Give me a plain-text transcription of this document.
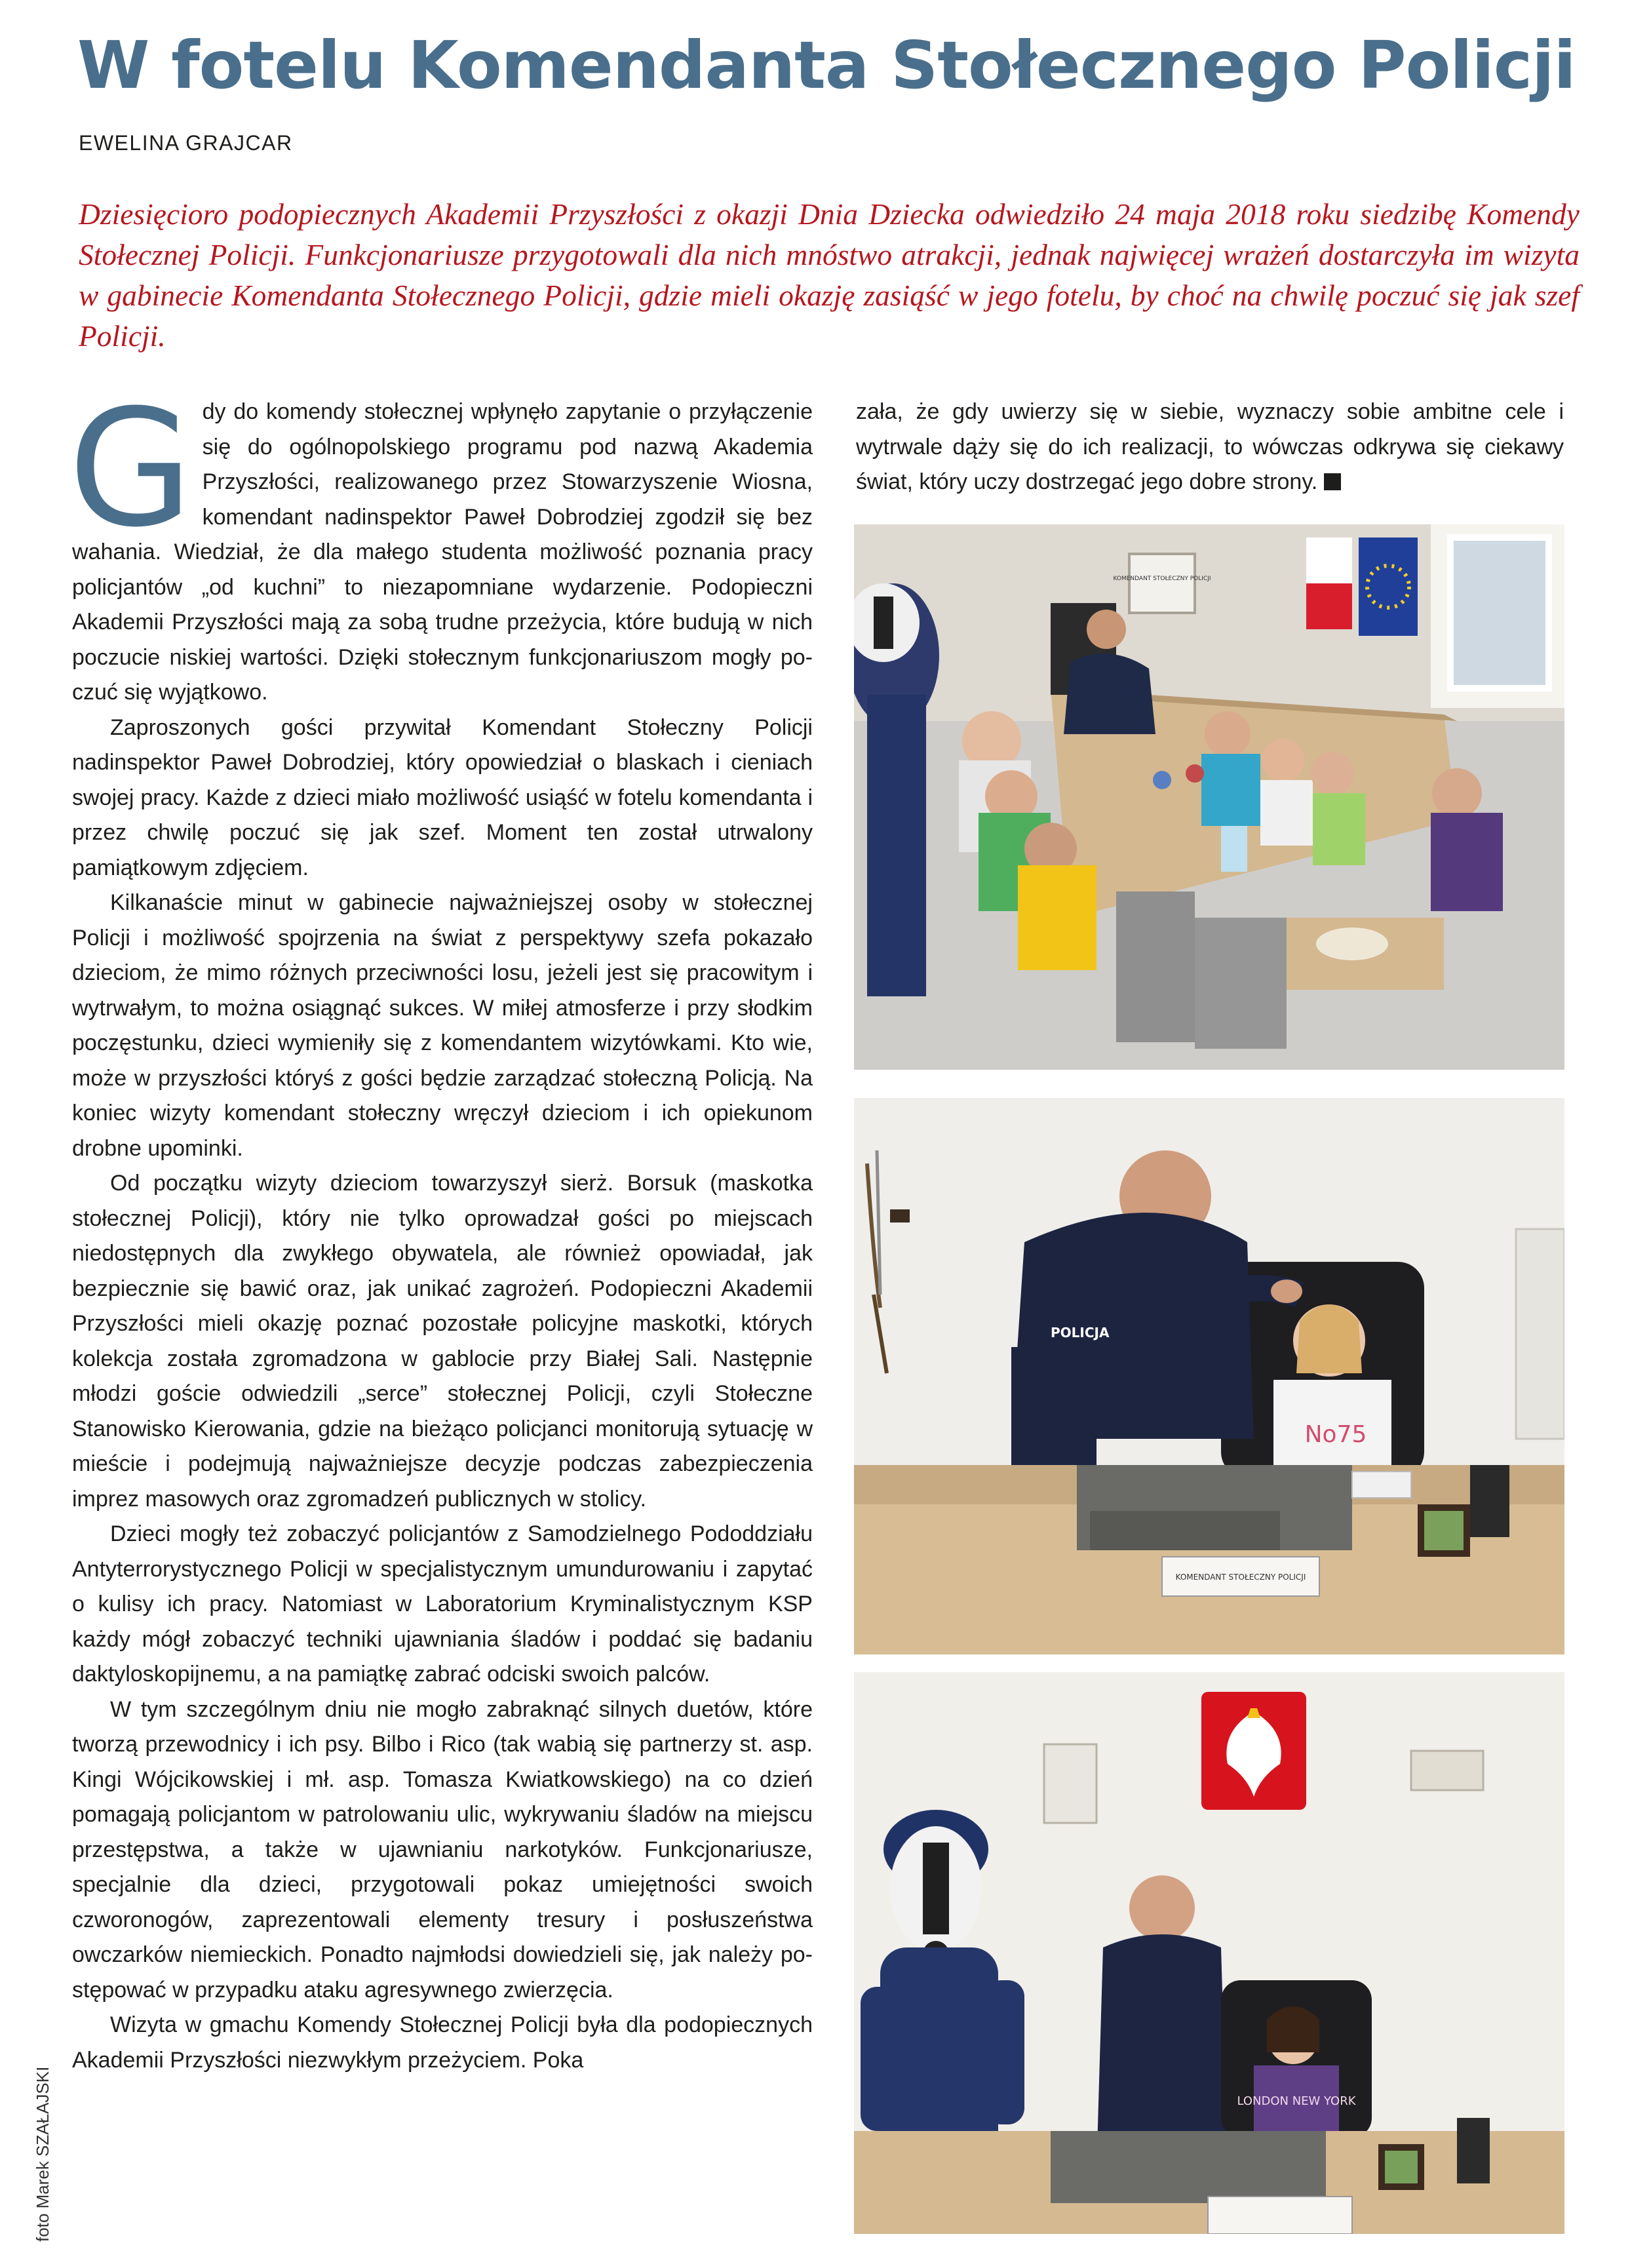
W fotelu Komendanta Stołecznego Policji
EWELINA GRAJCAR
Dziesięcioro podopiecznych Akademii Przyszłości z okazji Dnia Dziecka odwiedziło 24 maja 2018 roku siedzibę Komendy Stołecznej Policji. Funkcjonariusze przygotowali dla nich mnóstwo atrakcji, jednak najwięcej wrażeń dostarczyła im wizyta w gabinecie Komendanta Stołecznego Policji, gdzie mieli okazję zasiąść w jego fotelu, by choć na chwilę poczuć się jak szef Policji.

Gdy do komendy stołecznej wpłynęło zapytanie o przyłączenie się do ogólnopolskiego programu pod nazwą Akademia Przyszłości, realizowanego przez Stowarzyszenie Wiosna, komendant nadinspektor Paweł Dobrodziej zgodził się bez wahania. Wiedział, że dla małego studenta możliwość poznania pracy policjantów „od kuchni” to niezapomniane wydarzenie. Podopieczni Akademii Przyszłości mają za sobą trudne przeżycia, które budują w nich poczucie niskiej wartości. Dzięki stołecznym funkcjonariuszom mogły poczuć się wyjątkowo.

Zaproszonych gości przywitał Komendant Stołeczny Policji nadinspektor Paweł Dobrodziej, który opowiedział o blaskach i cieniach swojej pracy. Każde z dzieci miało możliwość usiąść w fotelu komendanta i przez chwilę poczuć się jak szef. Moment ten został utrwalony pamiątkowym zdjęciem.

Kilkanaście minut w gabinecie najważniejszej osoby w stołecznej Policji i możliwość spojrzenia na świat z perspektywy szefa pokazało dzieciom, że mimo różnych przeciwności losu, jeżeli jest się pracowitym i wytrwałym, to można osiągnąć sukces. W miłej atmosferze i przy słodkim poczęstunku, dzieci wymieniły się z komendantem wizytówkami. Kto wie, może w przyszłości któryś z gości będzie zarządzać stołeczną Policją. Na koniec wizyty komendant stołeczny wręczył dzieciom i ich opiekunom drobne upominki.

Od początku wizyty dzieciom towarzyszył sierż. Borsuk (maskotka stołecznej Policji), który nie tylko oprowadzał gości po miejscach niedostępnych dla zwykłego obywatela, ale również opowiadał, jak bezpiecznie się bawić oraz, jak unikać zagrożeń. Podopieczni Akademii Przyszłości mieli okazję poznać pozostałe policyjne maskotki, których kolekcja została zgromadzona w gablocie przy Białej Sali. Następnie młodzi goście odwiedzili „serce” stołecznej Policji, czyli Stołeczne Stanowisko Kierowania, gdzie na bieżąco policjanci monitorują sytuację w mieście i podejmują najważniejsze decyzje podczas zabezpieczenia imprez masowych oraz zgromadzeń publicznych w stolicy.

Dzieci mogły też zobaczyć policjantów z Samodzielnego Pododdziału Antyterrorystycznego Policji w specjalistycznym umundurowaniu i zapytać o kulisy ich pracy. Natomiast w Laboratorium Kryminalistycznym KSP każdy mógł zobaczyć techniki ujawniania śladów i poddać się badaniu daktyloskopijnemu, a na pamiątkę zabrać odciski swoich palców.

W tym szczególnym dniu nie mogło zabraknąć silnych duetów, które tworzą przewodnicy i ich psy. Bilbo i Rico (tak wabią się partnerzy st. asp. Kingi Wójcikowskiej i mł. asp. Tomasza Kwiatkowskiego) na co dzień pomagają policjantom w patrolowaniu ulic, wykrywaniu śladów na miejscu przestępstwa, a także w ujawnianiu narkotyków. Funkcjonariusze, specjalnie dla dzieci, przygotowali pokaz umiejętności swoich czworonogów, zaprezentowali elementy tresury i posłuszeństwa owczarków niemieckich. Ponadto najmłodsi dowiedzieli się, jak należy postępować w przypadku ataku agresywnego zwierzęcia.

Wizyta w gmachu Komendy Stołecznej Policji była dla podopiecznych Akademii Przyszłości niezwykłym przeżyciem. Poka

zała, że gdy uwierzy się w siebie, wyznaczy sobie ambitne cele i wytrwale dąży się do ich realizacji, to wówczas odkrywa się ciekawy świat, który uczy dostrzegać jego dobre strony.

foto Marek SZAŁAJSKI
KOMENDANT STOŁECZNY POLICJI
No75
POLICJA
KOMENDANT STOŁECZNY POLICJI
LONDON NEW YORK
